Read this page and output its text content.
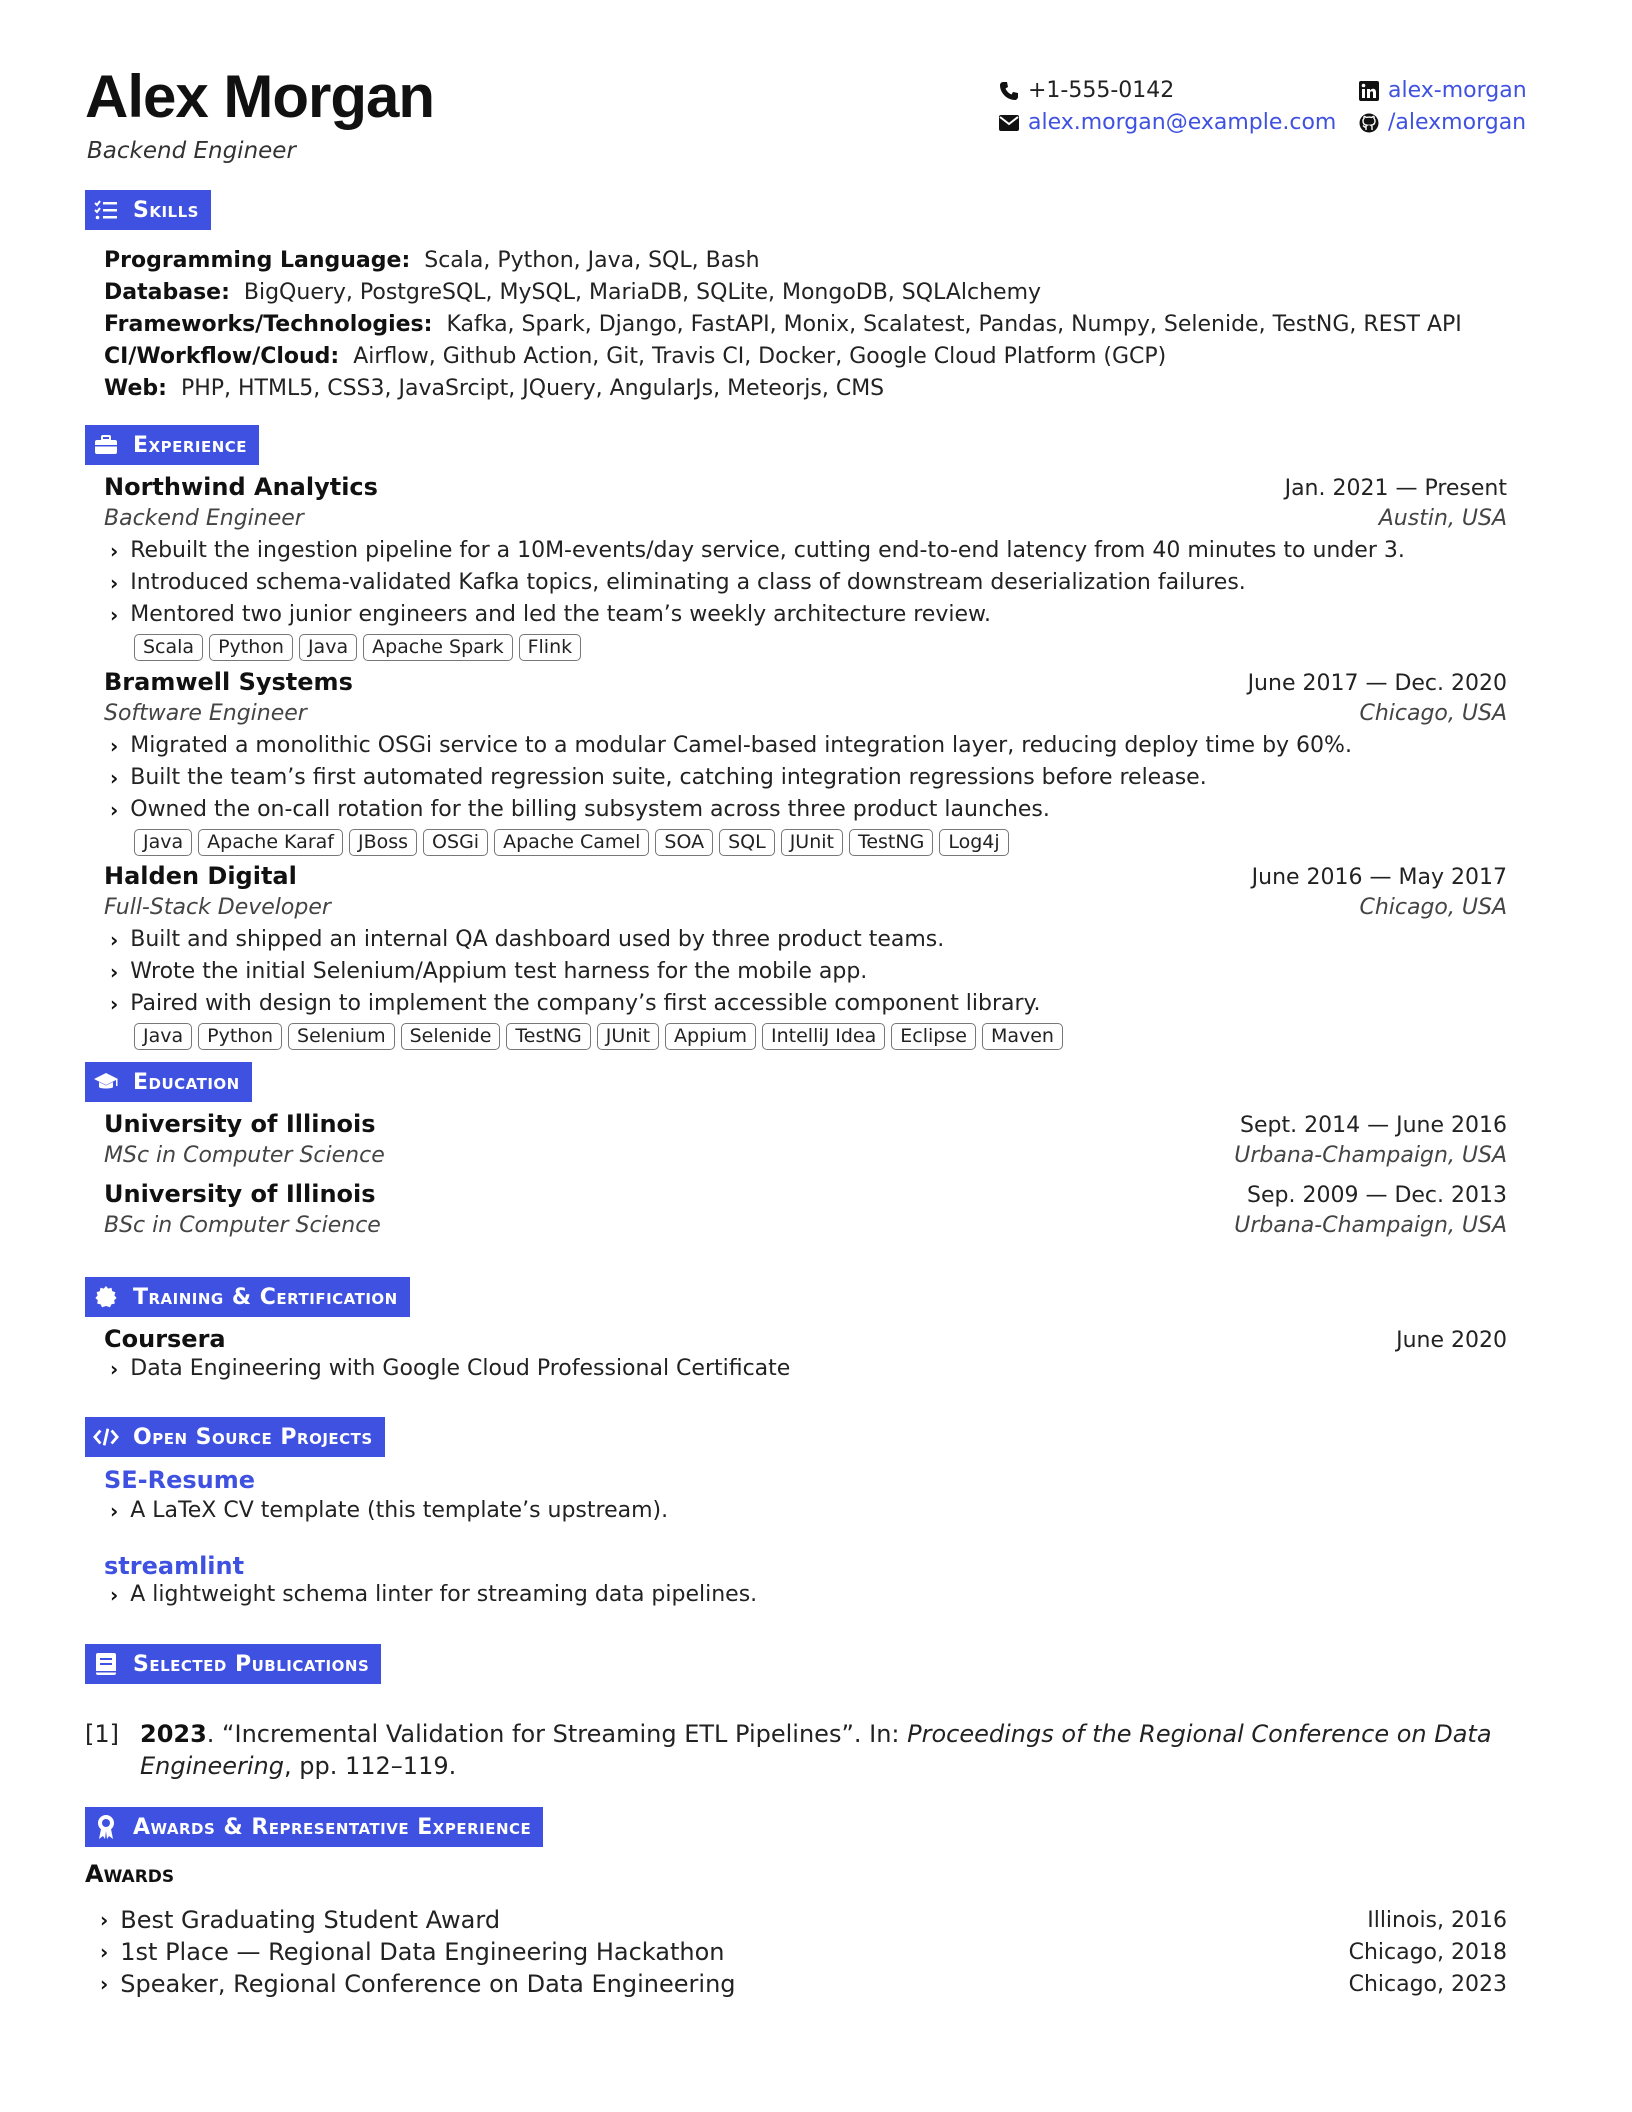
Alex Morgan
Backend Engineer
+1-555-0142
alex.morgan@example.com
alex-morgan
/alexmorgan
Skills
Programming Language: Scala, Python, Java, SQL, Bash
Database: BigQuery, PostgreSQL, MySQL, MariaDB, SQLite, MongoDB, SQLAlchemy
Frameworks/Technologies: Kafka, Spark, Django, FastAPI, Monix, Scalatest, Pandas, Numpy, Selenide, TestNG, REST API
CI/Workflow/Cloud: Airflow, Github Action, Git, Travis CI, Docker, Google Cloud Platform (GCP)
Web: PHP, HTML5, CSS3, JavaSrcipt, JQuery, AngularJs, Meteorjs, CMS
Experience
Northwind Analytics	Jan. 2021 — Present
Backend Engineer	Austin, USA
› Rebuilt the ingestion pipeline for a 10M-events/day service, cutting end-to-end latency from 40 minutes to under 3.
› Introduced schema-validated Kafka topics, eliminating a class of downstream deserialization failures.
› Mentored two junior engineers and led the team’s weekly architecture review.
Scala	Python	Java	Apache Spark	Flink
Bramwell Systems	June 2017 — Dec. 2020
Software Engineer	Chicago, USA
› Migrated a monolithic OSGi service to a modular Camel-based integration layer, reducing deploy time by 60%.
› Built the team’s first automated regression suite, catching integration regressions before release.
› Owned the on-call rotation for the billing subsystem across three product launches.
Java	Apache Karaf	JBoss	OSGi	Apache Camel	SOA	SQL	JUnit	TestNG	Log4j
Halden Digital	June 2016 — May 2017
Full-Stack Developer	Chicago, USA
› Built and shipped an internal QA dashboard used by three product teams.
› Wrote the initial Selenium/Appium test harness for the mobile app.
› Paired with design to implement the company’s first accessible component library.
Java	Python	Selenium	Selenide	TestNG	JUnit	Appium	IntelliJ Idea	Eclipse	Maven
Education
University of Illinois	Sept. 2014 — June 2016
MSc in Computer Science	Urbana-Champaign, USA
University of Illinois	Sep. 2009 — Dec. 2013
BSc in Computer Science	Urbana-Champaign, USA
Training & Certification
Coursera	June 2020
› Data Engineering with Google Cloud Professional Certificate
Open Source Projects
SE-Resume
› A LaTeX CV template (this template’s upstream).
streamlint
› A lightweight schema linter for streaming data pipelines.
Selected Publications
[1] 2023. “Incremental Validation for Streaming ETL Pipelines”. In: Proceedings of the Regional Conference on Data
Engineering, pp. 112–119.
Awards & Representative Experience
Awards
› Best Graduating Student Award	Illinois, 2016
› 1st Place — Regional Data Engineering Hackathon	Chicago, 2018
› Speaker, Regional Conference on Data Engineering	Chicago, 2023
